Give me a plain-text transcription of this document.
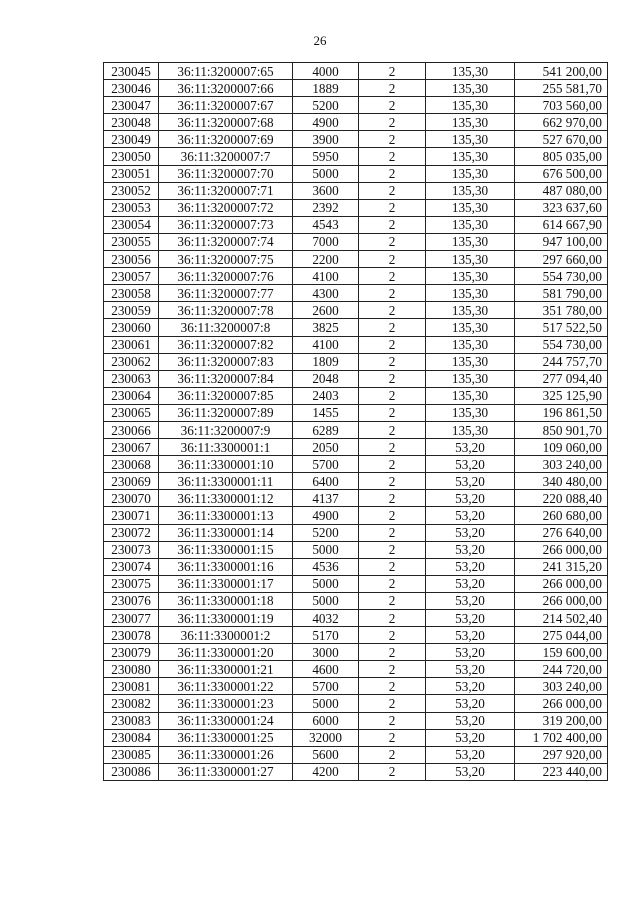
26
230045	36:11:3200007:65	4000	2	135,30	541 200,00
230046	36:11:3200007:66	1889	2	135,30	255 581,70
230047	36:11:3200007:67	5200	2	135,30	703 560,00
230048	36:11:3200007:68	4900	2	135,30	662 970,00
230049	36:11:3200007:69	3900	2	135,30	527 670,00
230050	36:11:3200007:7	5950	2	135,30	805 035,00
230051	36:11:3200007:70	5000	2	135,30	676 500,00
230052	36:11:3200007:71	3600	2	135,30	487 080,00
230053	36:11:3200007:72	2392	2	135,30	323 637,60
230054	36:11:3200007:73	4543	2	135,30	614 667,90
230055	36:11:3200007:74	7000	2	135,30	947 100,00
230056	36:11:3200007:75	2200	2	135,30	297 660,00
230057	36:11:3200007:76	4100	2	135,30	554 730,00
230058	36:11:3200007:77	4300	2	135,30	581 790,00
230059	36:11:3200007:78	2600	2	135,30	351 780,00
230060	36:11:3200007:8	3825	2	135,30	517 522,50
230061	36:11:3200007:82	4100	2	135,30	554 730,00
230062	36:11:3200007:83	1809	2	135,30	244 757,70
230063	36:11:3200007:84	2048	2	135,30	277 094,40
230064	36:11:3200007:85	2403	2	135,30	325 125,90
230065	36:11:3200007:89	1455	2	135,30	196 861,50
230066	36:11:3200007:9	6289	2	135,30	850 901,70
230067	36:11:3300001:1	2050	2	53,20	109 060,00
230068	36:11:3300001:10	5700	2	53,20	303 240,00
230069	36:11:3300001:11	6400	2	53,20	340 480,00
230070	36:11:3300001:12	4137	2	53,20	220 088,40
230071	36:11:3300001:13	4900	2	53,20	260 680,00
230072	36:11:3300001:14	5200	2	53,20	276 640,00
230073	36:11:3300001:15	5000	2	53,20	266 000,00
230074	36:11:3300001:16	4536	2	53,20	241 315,20
230075	36:11:3300001:17	5000	2	53,20	266 000,00
230076	36:11:3300001:18	5000	2	53,20	266 000,00
230077	36:11:3300001:19	4032	2	53,20	214 502,40
230078	36:11:3300001:2	5170	2	53,20	275 044,00
230079	36:11:3300001:20	3000	2	53,20	159 600,00
230080	36:11:3300001:21	4600	2	53,20	244 720,00
230081	36:11:3300001:22	5700	2	53,20	303 240,00
230082	36:11:3300001:23	5000	2	53,20	266 000,00
230083	36:11:3300001:24	6000	2	53,20	319 200,00
230084	36:11:3300001:25	32000	2	53,20	1 702 400,00
230085	36:11:3300001:26	5600	2	53,20	297 920,00
230086	36:11:3300001:27	4200	2	53,20	223 440,00
